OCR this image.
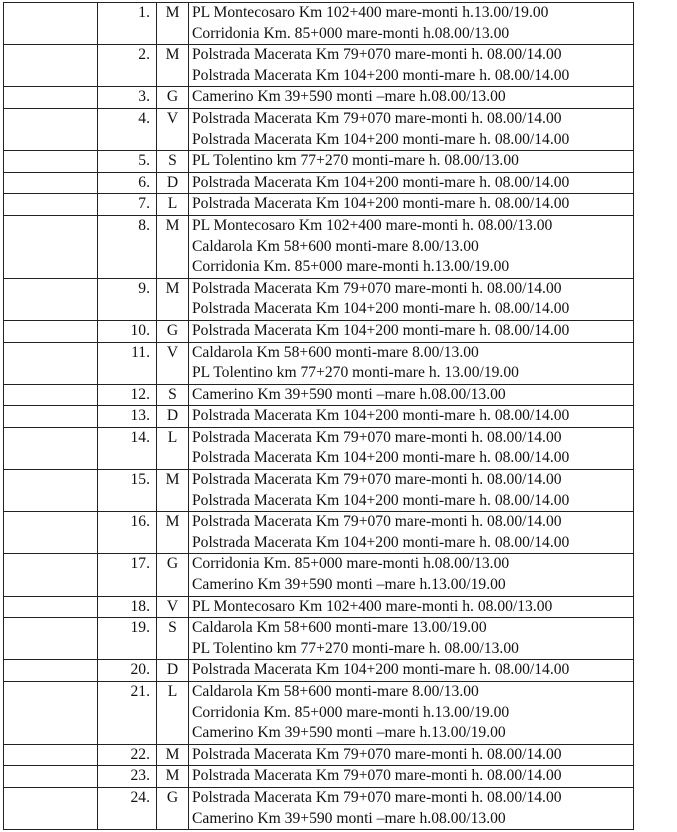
	1.	M	PL Montecosaro Km 102+400 mare-monti h.13.00/19.00
Corridonia Km. 85+000 mare-monti h.08.00/13.00

	2.	M	Polstrada Macerata Km 79+070 mare-monti h. 08.00/14.00
Polstrada Macerata Km 104+200 monti-mare h. 08.00/14.00

	3.	G	Camerino Km 39+590 monti –mare h.08.00/13.00

	4.	V	Polstrada Macerata Km 79+070 mare-monti h. 08.00/14.00
Polstrada Macerata Km 104+200 monti-mare h. 08.00/14.00

	5.	S	PL Tolentino km 77+270 monti-mare h. 08.00/13.00

	6.	D	Polstrada Macerata Km 104+200 monti-mare h. 08.00/14.00

	7.	L	Polstrada Macerata Km 104+200 monti-mare h. 08.00/14.00

	8.	M	PL Montecosaro Km 102+400 mare-monti h. 08.00/13.00
Caldarola Km 58+600 monti-mare 8.00/13.00
Corridonia Km. 85+000 mare-monti h.13.00/19.00

	9.	M	Polstrada Macerata Km 79+070 mare-monti h. 08.00/14.00
Polstrada Macerata Km 104+200 monti-mare h. 08.00/14.00

	10.	G	Polstrada Macerata Km 104+200 monti-mare h. 08.00/14.00

	11.	V	Caldarola Km 58+600 monti-mare 8.00/13.00
PL Tolentino km 77+270 monti-mare h. 13.00/19.00

	12.	S	Camerino Km 39+590 monti –mare h.08.00/13.00

	13.	D	Polstrada Macerata Km 104+200 monti-mare h. 08.00/14.00

	14.	L	Polstrada Macerata Km 79+070 mare-monti h. 08.00/14.00
Polstrada Macerata Km 104+200 monti-mare h. 08.00/14.00

	15.	M	Polstrada Macerata Km 79+070 mare-monti h. 08.00/14.00
Polstrada Macerata Km 104+200 monti-mare h. 08.00/14.00

	16.	M	Polstrada Macerata Km 79+070 mare-monti h. 08.00/14.00
Polstrada Macerata Km 104+200 monti-mare h. 08.00/14.00

	17.	G	Corridonia Km. 85+000 mare-monti h.08.00/13.00
Camerino Km 39+590 monti –mare h.13.00/19.00

	18.	V	PL Montecosaro Km 102+400 mare-monti h. 08.00/13.00

	19.	S	Caldarola Km 58+600 monti-mare 13.00/19.00
PL Tolentino km 77+270 monti-mare h. 08.00/13.00

	20.	D	Polstrada Macerata Km 104+200 monti-mare h. 08.00/14.00

	21.	L	Caldarola Km 58+600 monti-mare 8.00/13.00
Corridonia Km. 85+000 mare-monti h.13.00/19.00
Camerino Km 39+590 monti –mare h.13.00/19.00

	22.	M	Polstrada Macerata Km 79+070 mare-monti h. 08.00/14.00

	23.	M	Polstrada Macerata Km 79+070 mare-monti h. 08.00/14.00

	24.	G	Polstrada Macerata Km 79+070 mare-monti h. 08.00/14.00
Camerino Km 39+590 monti –mare h.08.00/13.00
